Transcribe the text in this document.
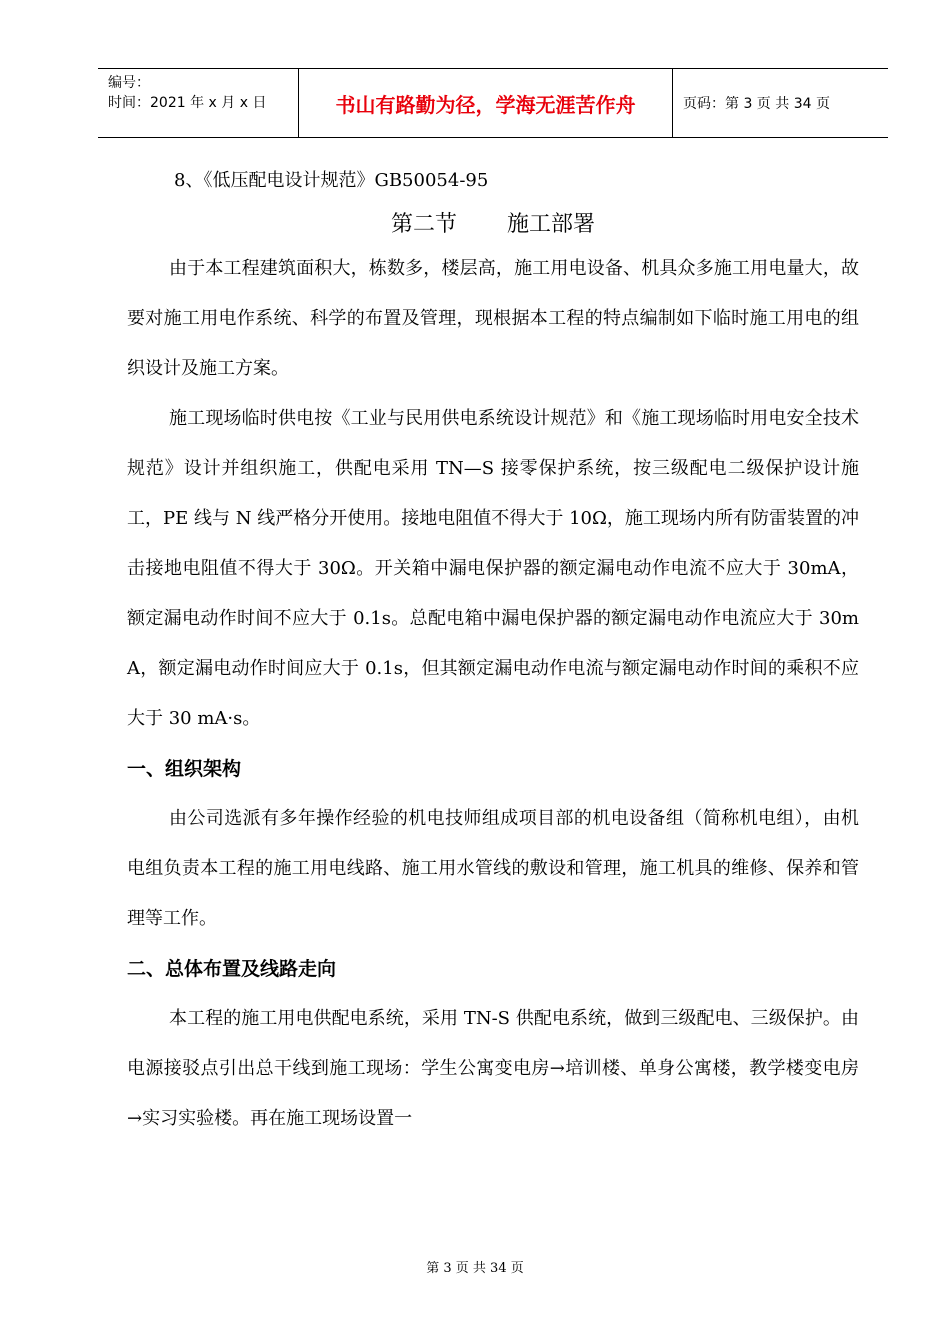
编号：
时间：2021 年 x 月 x 日	书山有路勤为径，学海无涯苦作舟	页码：第 3 页 共 34 页

8、《低压配电设计规范》GB50054-95

第二节 施工部署

由于本工程建筑面积大，栋数多，楼层高，施工用电设备、机具众多施工用电量大，故要对施工用电作系统、科学的布置及管理，现根据本工程的特点编制如下临时施工用电的组织设计及施工方案。

施工现场临时供电按《工业与民用供电系统设计规范》和《施工现场临时用电安全技术规范》设计并组织施工，供配电采用 TN—S 接零保护系统，按三级配电二级保护设计施工，PE 线与 N 线严格分开使用。接地电阻值不得大于 10Ω，施工现场内所有防雷装置的冲击接地电阻值不得大于 30Ω。开关箱中漏电保护器的额定漏电动作电流不应大于 30mA，额定漏电动作时间不应大于 0.1s。总配电箱中漏电保护器的额定漏电动作电流应大于 30mA，额定漏电动作时间应大于 0.1s，但其额定漏电动作电流与额定漏电动作时间的乘积不应大于 30 mA·s。

一、组织架构

由公司选派有多年操作经验的机电技师组成项目部的机电设备组（简称机电组），由机电组负责本工程的施工用电线路、施工用水管线的敷设和管理，施工机具的维修、保养和管理等工作。

二、总体布置及线路走向

本工程的施工用电供配电系统，采用 TN-S 供配电系统，做到三级配电、三级保护。由电源接驳点引出总干线到施工现场：学生公寓变电房→培训楼、单身公寓楼，教学楼变电房→实习实验楼。再在施工现场设置一

第 3 页 共 34 页
